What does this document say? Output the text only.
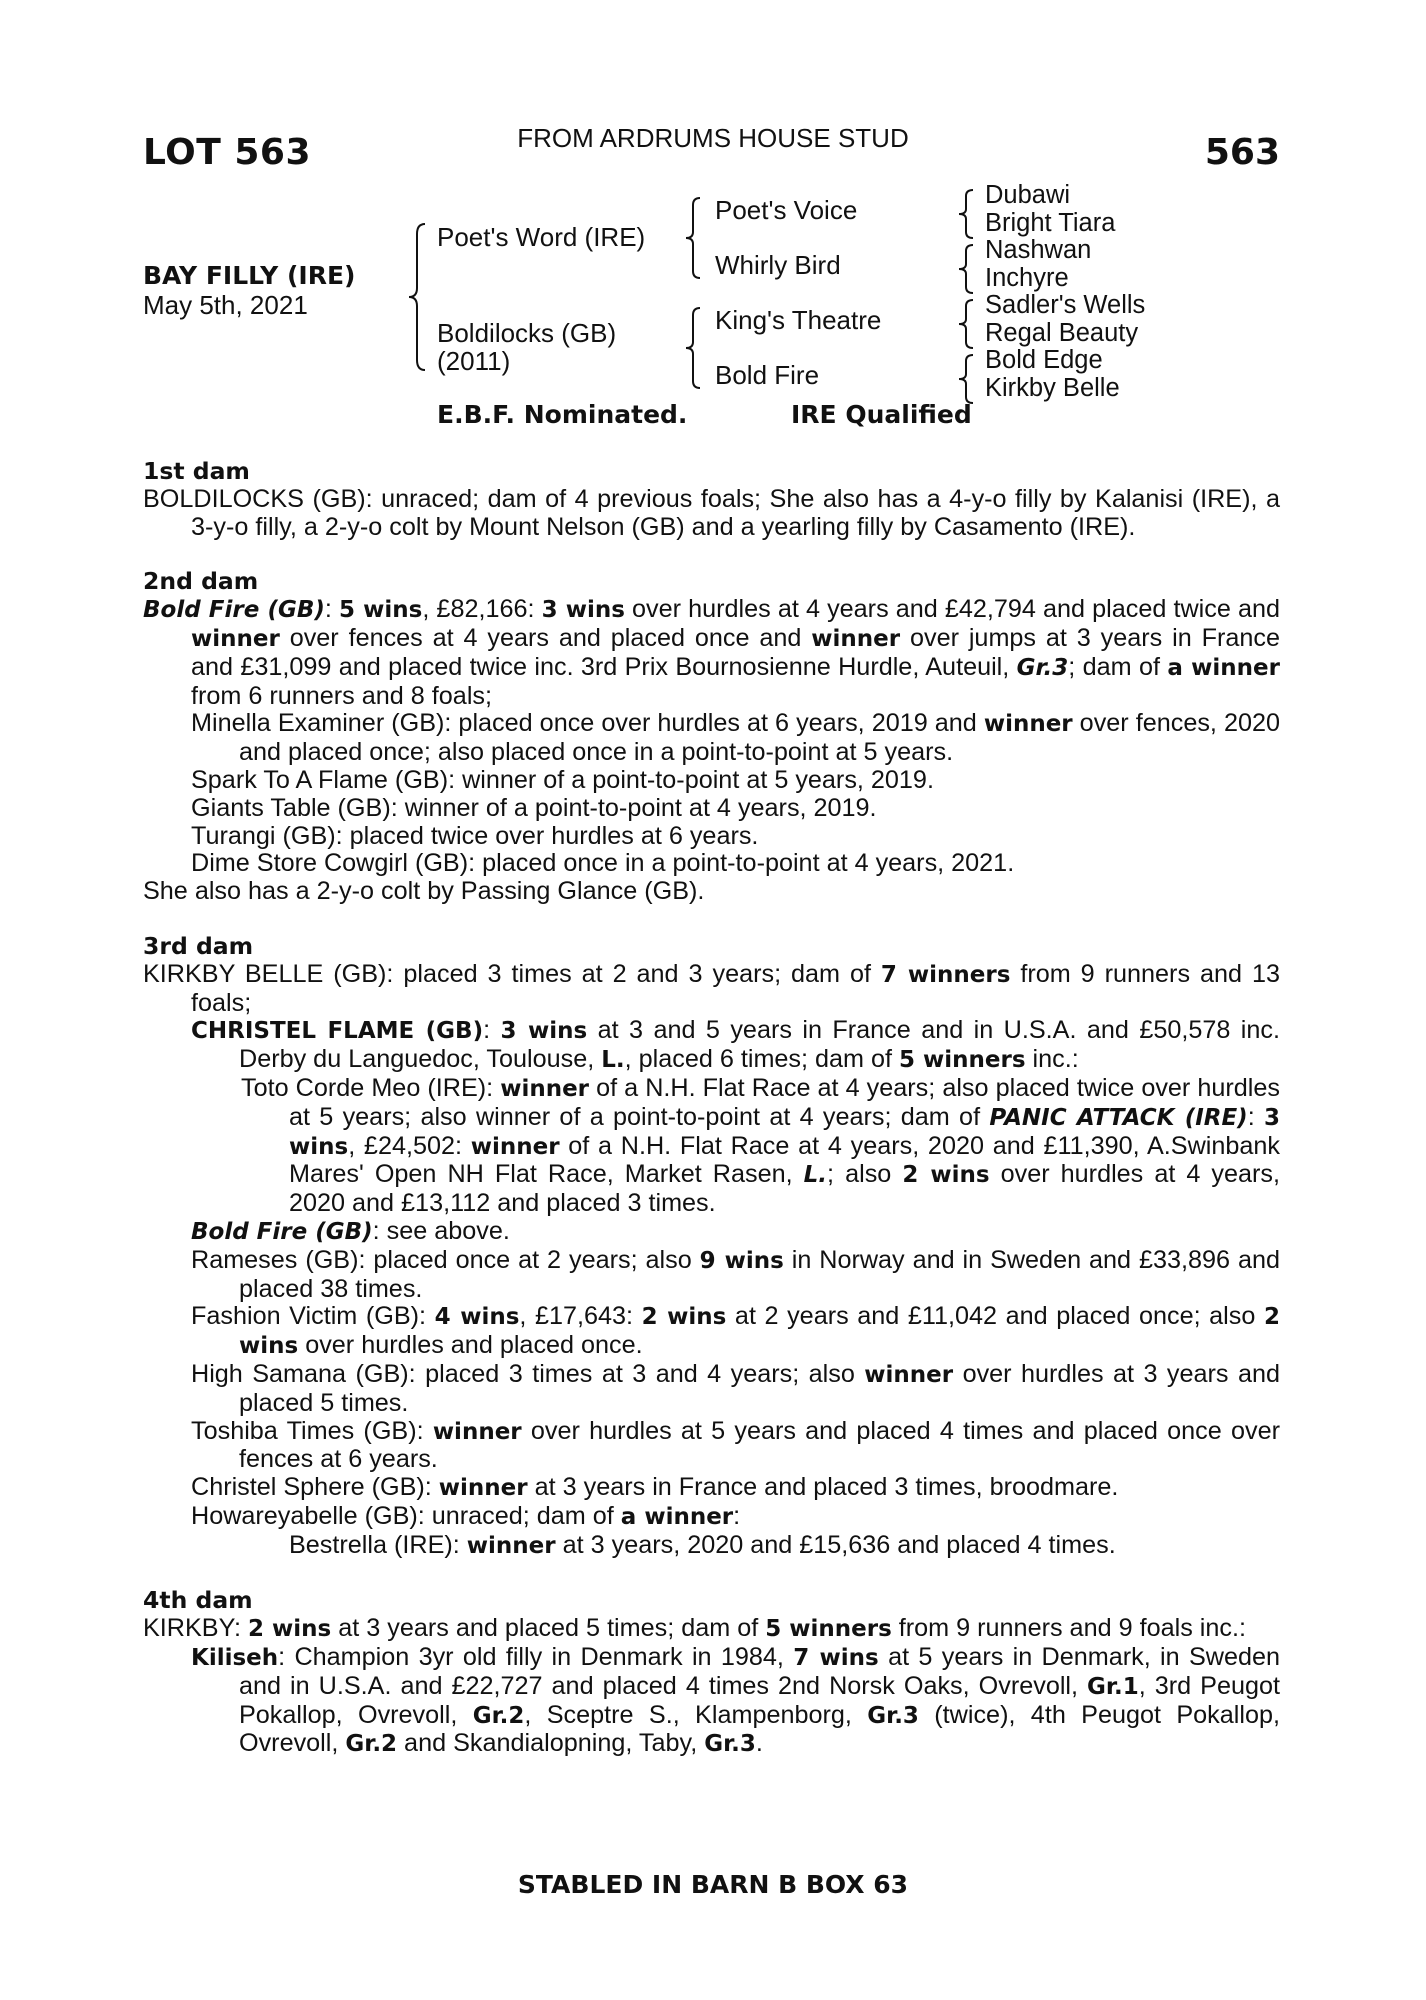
LOT 563	FROM ARDRUMS HOUSE STUD	563
BAY FILLY (IRE)
May 5th, 2021
Poet's Word (IRE)
Boldilocks (GB)
(2011)
Poet's Voice
Whirly Bird
King's Theatre
Bold Fire
Dubawi
Bright Tiara
Nashwan
Inchyre
Sadler's Wells
Regal Beauty
Bold Edge
Kirkby Belle
E.B.F. Nominated.	IRE Qualified
1st dam
BOLDILOCKS (GB): unraced; dam of 4 previous foals; She also has a 4-y-o filly by Kalanisi (IRE), a 3-y-o filly, a 2-y-o colt by Mount Nelson (GB) and a yearling filly by Casamento (IRE).
2nd dam
Bold Fire (GB): 5 wins, £82,166: 3 wins over hurdles at 4 years and £42,794 and placed twice and winner over fences at 4 years and placed once and winner over jumps at 3 years in France and £31,099 and placed twice inc. 3rd Prix Bournosienne Hurdle, Auteuil, Gr.3; dam of a winner from 6 runners and 8 foals;
Minella Examiner (GB): placed once over hurdles at 6 years, 2019 and winner over fences, 2020 and placed once; also placed once in a point-to-point at 5 years.
Spark To A Flame (GB): winner of a point-to-point at 5 years, 2019.
Giants Table (GB): winner of a point-to-point at 4 years, 2019.
Turangi (GB): placed twice over hurdles at 6 years.
Dime Store Cowgirl (GB): placed once in a point-to-point at 4 years, 2021.
She also has a 2-y-o colt by Passing Glance (GB).
3rd dam
KIRKBY BELLE (GB): placed 3 times at 2 and 3 years; dam of 7 winners from 9 runners and 13 foals;
CHRISTEL FLAME (GB): 3 wins at 3 and 5 years in France and in U.S.A. and £50,578 inc. Derby du Languedoc, Toulouse, L., placed 6 times; dam of 5 winners inc.:
Toto Corde Meo (IRE): winner of a N.H. Flat Race at 4 years; also placed twice over hurdles at 5 years; also winner of a point-to-point at 4 years; dam of PANIC ATTACK (IRE): 3 wins, £24,502: winner of a N.H. Flat Race at 4 years, 2020 and £11,390, A.Swinbank Mares' Open NH Flat Race, Market Rasen, L.; also 2 wins over hurdles at 4 years, 2020 and £13,112 and placed 3 times.
Bold Fire (GB): see above.
Rameses (GB): placed once at 2 years; also 9 wins in Norway and in Sweden and £33,896 and placed 38 times.
Fashion Victim (GB): 4 wins, £17,643: 2 wins at 2 years and £11,042 and placed once; also 2 wins over hurdles and placed once.
High Samana (GB): placed 3 times at 3 and 4 years; also winner over hurdles at 3 years and placed 5 times.
Toshiba Times (GB): winner over hurdles at 5 years and placed 4 times and placed once over fences at 6 years.
Christel Sphere (GB): winner at 3 years in France and placed 3 times, broodmare.
Howareyabelle (GB): unraced; dam of a winner:
Bestrella (IRE): winner at 3 years, 2020 and £15,636 and placed 4 times.
4th dam
KIRKBY: 2 wins at 3 years and placed 5 times; dam of 5 winners from 9 runners and 9 foals inc.:
Kiliseh: Champion 3yr old filly in Denmark in 1984, 7 wins at 5 years in Denmark, in Sweden and in U.S.A. and £22,727 and placed 4 times 2nd Norsk Oaks, Ovrevoll, Gr.1, 3rd Peugot Pokallop, Ovrevoll, Gr.2, Sceptre S., Klampenborg, Gr.3 (twice), 4th Peugot Pokallop, Ovrevoll, Gr.2 and Skandialopning, Taby, Gr.3.
STABLED IN BARN B BOX 63
